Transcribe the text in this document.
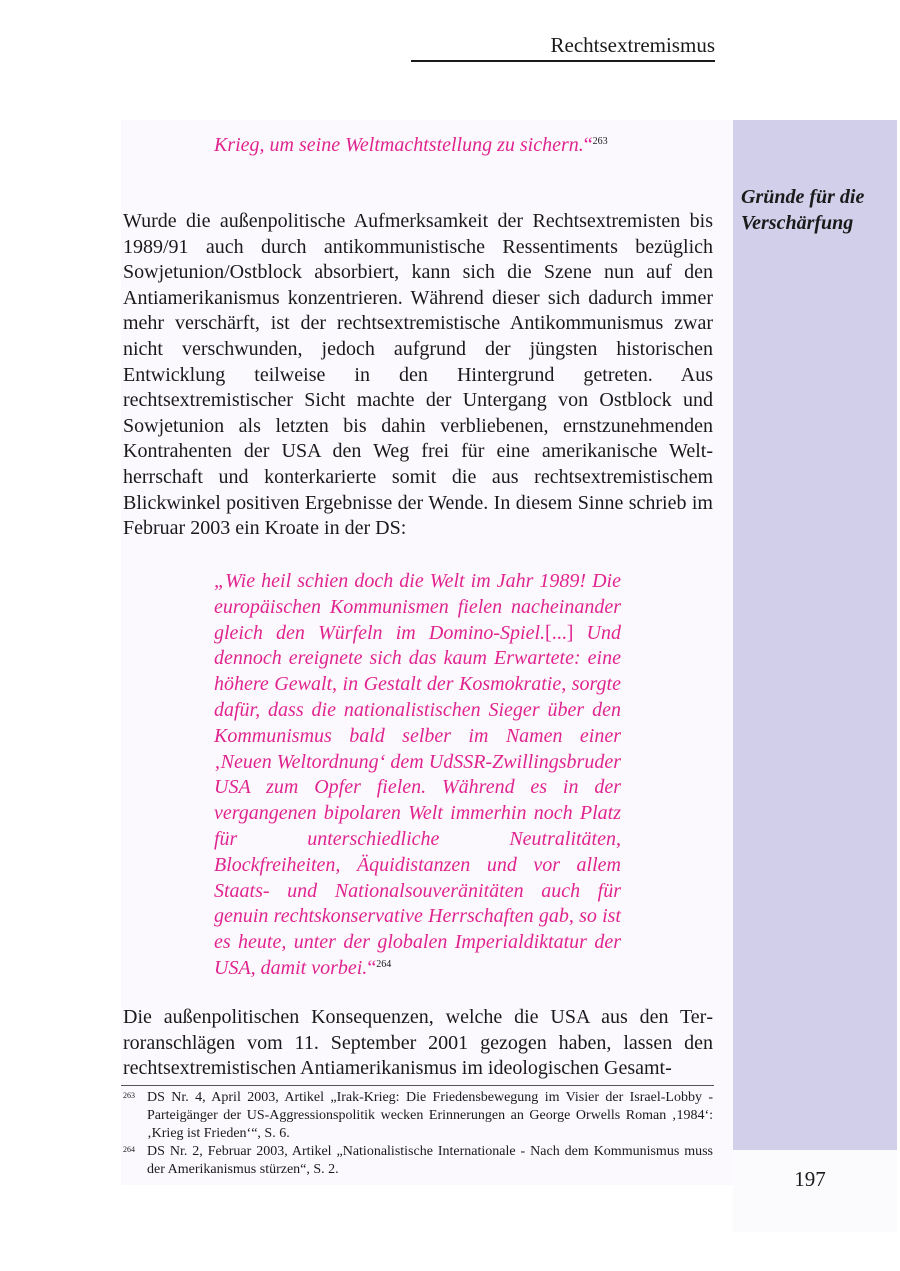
Rechtsextremismus
Gründe für die
Verschärfung
Krieg, um seine Weltmachtstellung zu sichern.“$^{263}$
Wurde die außenpolitische Aufmerksamkeit der Rechtsextremisten bis 1989/91 auch durch antikommunistische Ressentiments bezüglich Sowjetunion/Ostblock absorbiert, kann sich die Szene nun auf den Antiamerikanismus konzentrieren. Während dieser sich dadurch immer mehr verschärft, ist der rechtsextremistische Antikommunismus zwar nicht verschwunden, jedoch aufgrund der jüngsten historischen Entwicklung teilweise in den Hintergrund getreten. Aus rechtsextremistischer Sicht machte der Untergang von Ostblock und Sowjetunion als letzten bis dahin verbliebenen, ernstzunehmenden Kontrahenten der USA den Weg frei für eine amerikanische Weltherrschaft und konterkarierte somit die aus rechtsextremistischem Blickwinkel positiven Ergebnisse der Wende. In diesem Sinne schrieb im Februar 2003 ein Kroate in der DS:
„Wie heil schien doch die Welt im Jahr 1989! Die europäischen Kommunismen fielen nacheinander gleich den Würfeln im Domino-Spiel.[...] Und dennoch ereignete sich das kaum Erwartete: eine höhere Gewalt, in Gestalt der Kosmokratie, sorgte dafür, dass die nationalistischen Sieger über den Kommunismus bald selber im Namen einer ‚Neuen Weltordnung‘ dem UdSSR-Zwillingsbruder USA zum Opfer fielen. Während es in der vergangenen bipolaren Welt immerhin noch Platz für unterschiedliche Neutralitäten, Blockfreiheiten, Äquidistanzen und vor allem Staats- und Nationalsouveränitäten auch für genuin rechtskonservative Herrschaften gab, so ist es heute, unter der globalen Imperialdiktatur der USA, damit vorbei.“$^{264}$
Die außenpolitischen Konsequenzen, welche die USA aus den Terroranschlägen vom 11. September 2001 gezogen haben, lassen den rechtsextremistischen Antiamerikanismus im ideologischen Gesamt-
263 DS Nr. 4, April 2003, Artikel „Irak-Krieg: Die Friedensbewegung im Visier der Israel-Lobby - Parteigänger der US-Aggressionspolitik wecken Erinnerungen an George Orwells Roman ‚1984‘: ‚Krieg ist Frieden‘“, S. 6.
264 DS Nr. 2, Februar 2003, Artikel „Nationalistische Internationale - Nach dem Kommunismus muss der Amerikanismus stürzen“, S. 2.	197
